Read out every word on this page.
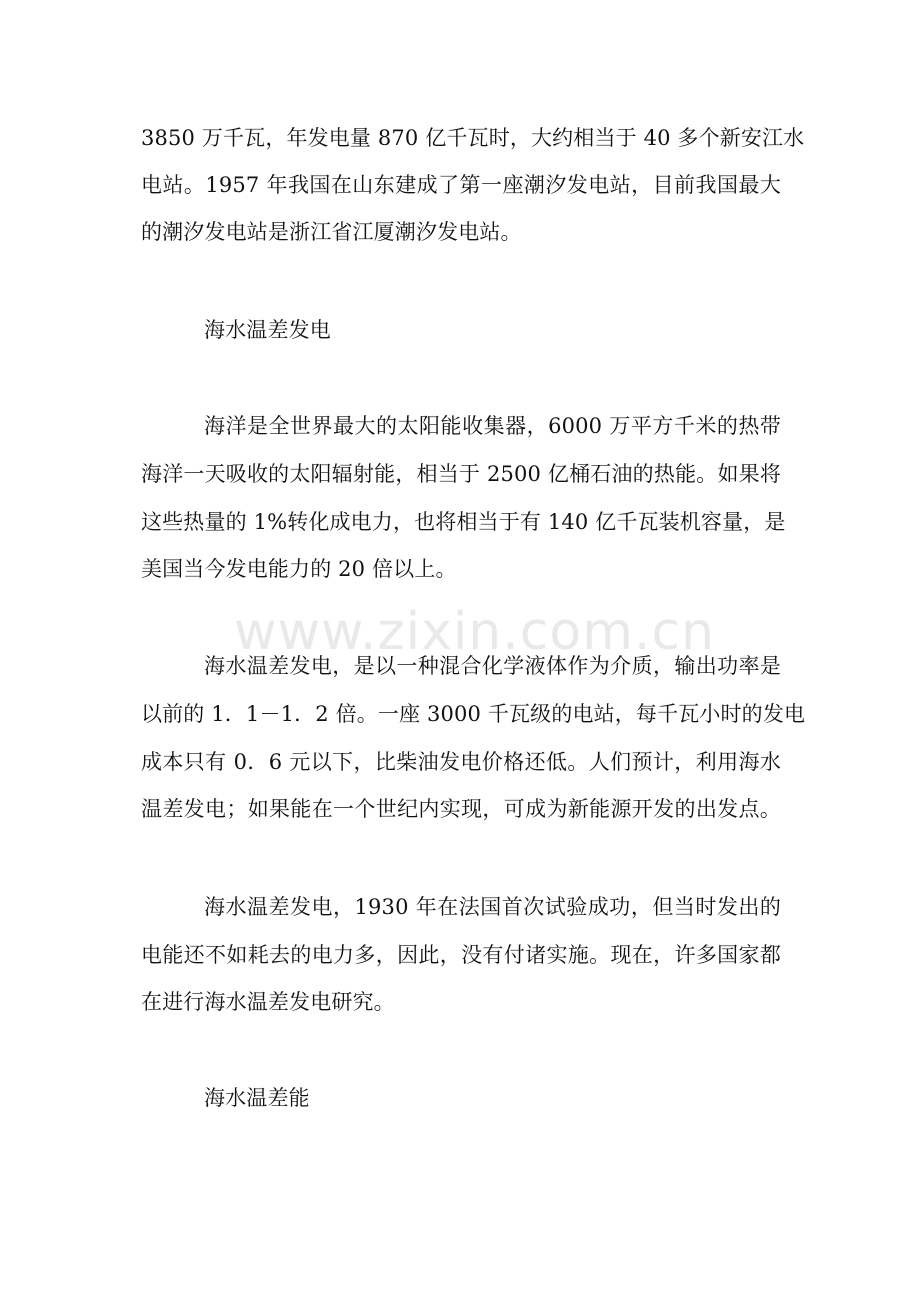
www.zixin.com.cn
3850 万千瓦，年发电量 870 亿千瓦时，大约相当于 40 多个新安江水
电站。1957 年我国在山东建成了第一座潮汐发电站，目前我国最大
的潮汐发电站是浙江省江厦潮汐发电站。
海水温差发电
海洋是全世界最大的太阳能收集器，6000 万平方千米的热带
海洋一天吸收的太阳辐射能，相当于 2500 亿桶石油的热能。如果将
这些热量的 1%转化成电力，也将相当于有 140 亿千瓦装机容量，是
美国当今发电能力的 20 倍以上。
海水温差发电，是以一种混合化学液体作为介质，输出功率是
以前的 1．1－1．2 倍。一座 3000 千瓦级的电站，每千瓦小时的发电
成本只有 0．6 元以下，比柴油发电价格还低。人们预计，利用海水
温差发电；如果能在一个世纪内实现，可成为新能源开发的出发点。
海水温差发电，1930 年在法国首次试验成功，但当时发出的
电能还不如耗去的电力多，因此，没有付诸实施。现在，许多国家都
在进行海水温差发电研究。
海水温差能
